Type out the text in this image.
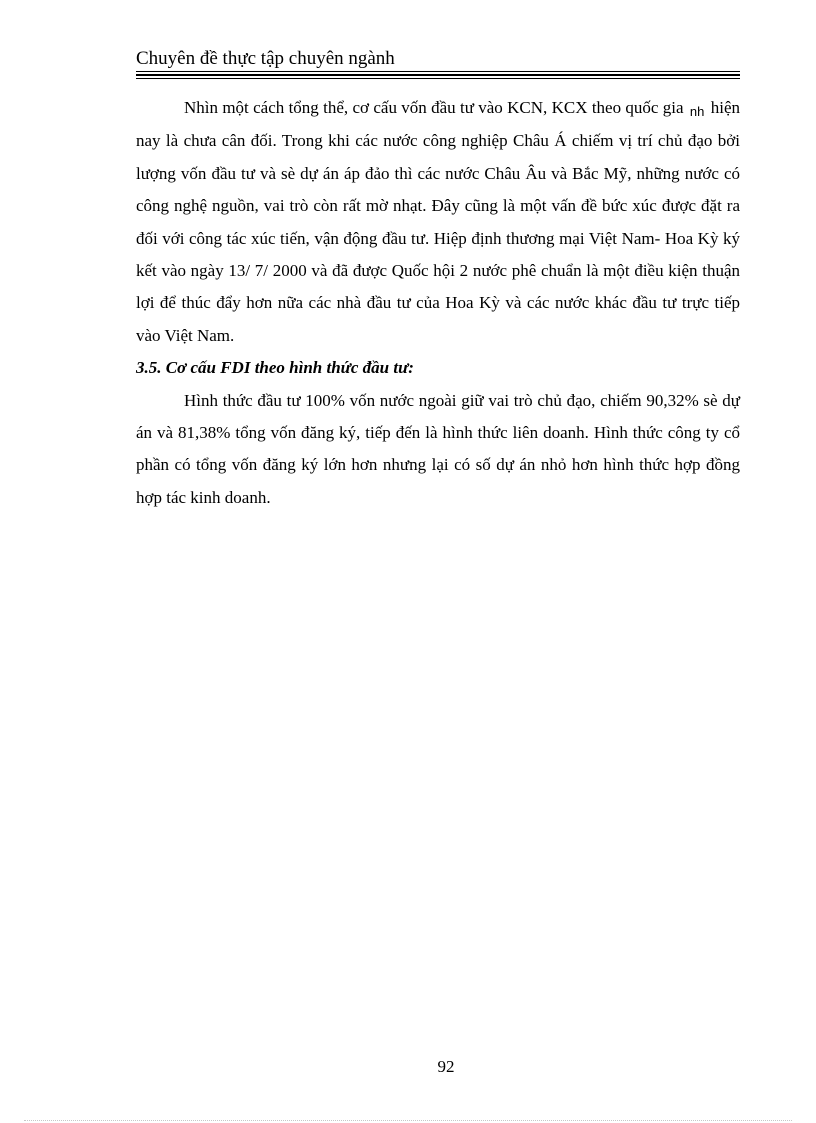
Chuyên đề thực tập chuyên ngành

Nhìn một cách tổng thể, cơ cấu vốn đầu tư vào KCN, KCX theo quốc gia nh hiện nay là chưa cân đối. Trong khi các nước công nghiệp Châu Á chiếm vị trí chủ đạo bởi lượng vốn đầu tư và sè dự án áp đảo thì các nước Châu Âu và Bắc Mỹ, những nước có công nghệ nguồn, vai trò còn rất mờ nhạt. Đây cũng là một vấn đề bức xúc được đặt ra đối với công tác xúc tiến, vận động đầu tư. Hiệp định thương mại Việt Nam- Hoa Kỳ ký kết vào ngày 13/ 7/ 2000 và đã được Quốc hội 2 nước phê chuẩn là một điều kiện thuận lợi để thúc đẩy hơn nữa các nhà đầu tư của Hoa Kỳ và các nước khác đầu tư trực tiếp vào Việt Nam.

3.5. Cơ cấu FDI theo hình thức đầu tư:

Hình thức đầu tư 100% vốn nước ngoài giữ vai trò chủ đạo, chiếm 90,32% sè dự án và 81,38% tổng vốn đăng ký, tiếp đến là hình thức liên doanh. Hình thức công ty cổ phần có tổng vốn đăng ký lớn hơn nhưng lại có số dự án nhỏ hơn hình thức hợp đồng hợp tác kinh doanh.

92
